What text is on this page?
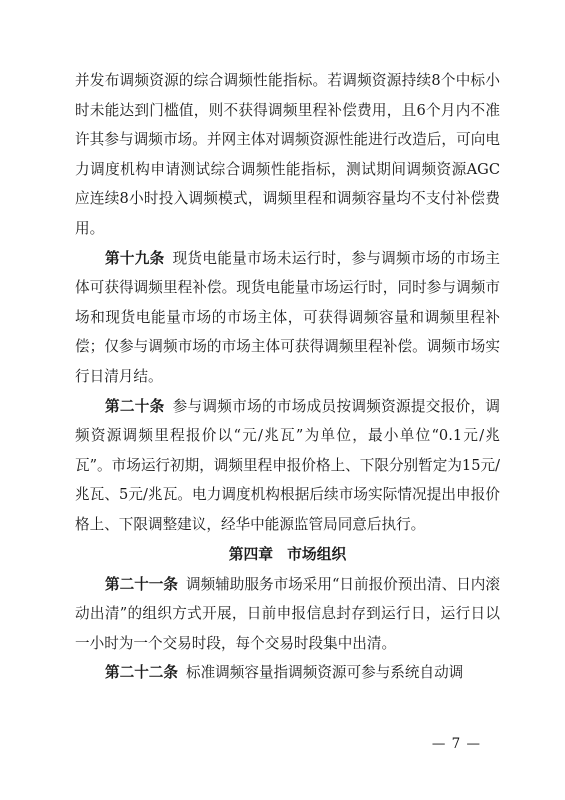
并发布调频资源的综合调频性能指标。若调频资源持续8个中标小时未能达到门槛值，则不获得调频里程补偿费用，且6个月内不准许其参与调频市场。并网主体对调频资源性能进行改造后，可向电力调度机构申请测试综合调频性能指标，测试期间调频资源AGC应连续8小时投入调频模式，调频里程和调频容量均不支付补偿费用。

第十九条 现货电能量市场未运行时，参与调频市场的市场主体可获得调频里程补偿。现货电能量市场运行时，同时参与调频市场和现货电能量市场的市场主体，可获得调频容量和调频里程补偿；仅参与调频市场的市场主体可获得调频里程补偿。调频市场实行日清月结。

第二十条 参与调频市场的市场成员按调频资源提交报价，调频资源调频里程报价以“元/兆瓦”为单位，最小单位“0.1元/兆瓦”。市场运行初期，调频里程申报价格上、下限分别暂定为15元/兆瓦、5元/兆瓦。电力调度机构根据后续市场实际情况提出申报价格上、下限调整建议，经华中能源监管局同意后执行。

第四章 市场组织

第二十一条 调频辅助服务市场采用“日前报价预出清、日内滚动出清”的组织方式开展，日前申报信息封存到运行日，运行日以一小时为一个交易时段，每个交易时段集中出清。

第二十二条 标准调频容量指调频资源可参与系统自动调

— 7 —
